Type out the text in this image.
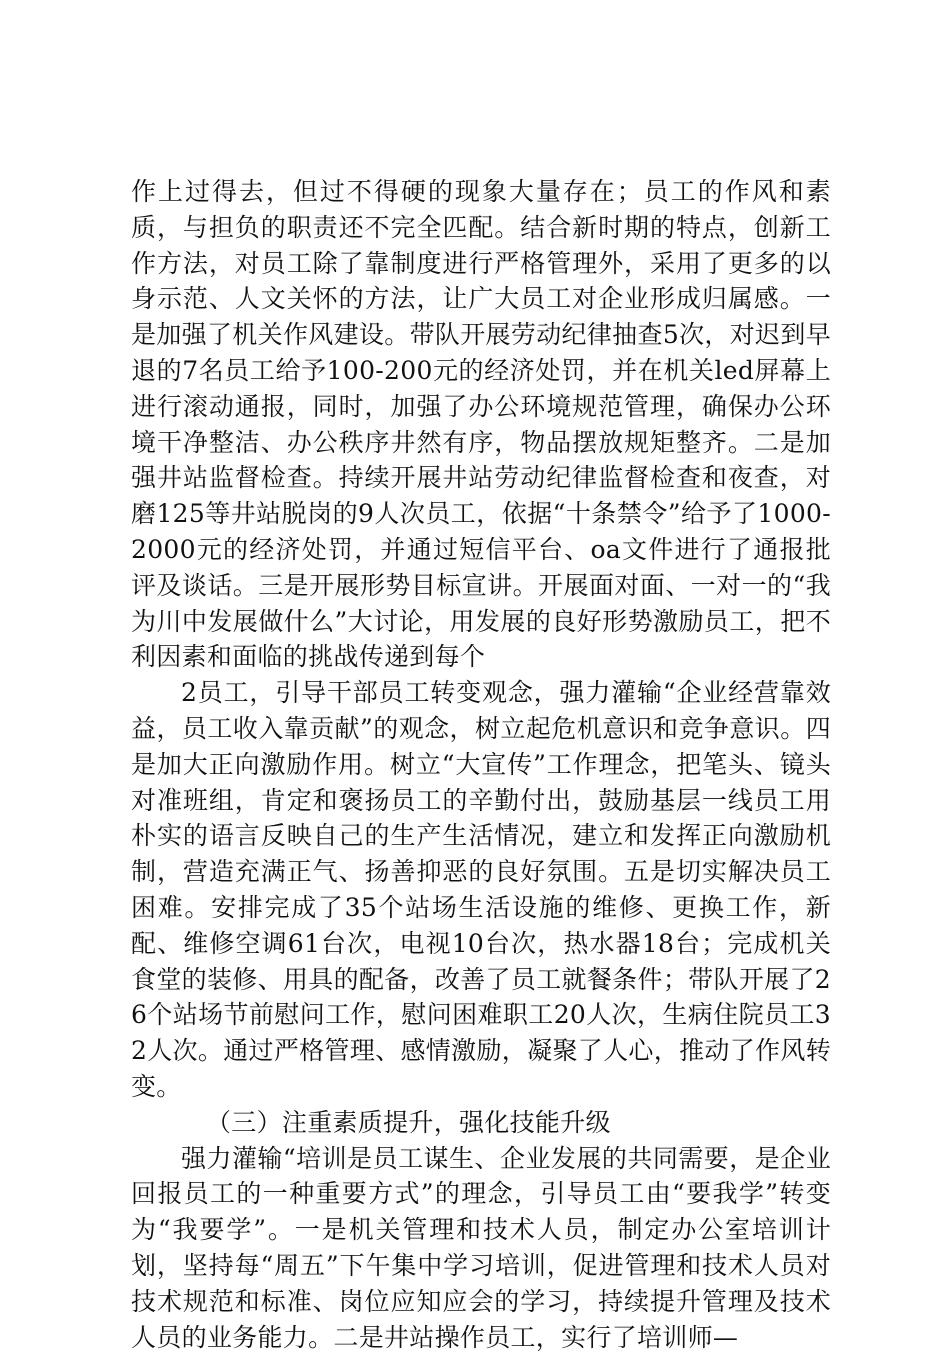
作上过得去，但过不得硬的现象大量存在；员工的作风和素质，与担负的职责还不完全匹配。结合新时期的特点，创新工作方法，对员工除了靠制度进行严格管理外，采用了更多的以身示范、人文关怀的方法，让广大员工对企业形成归属感。一是加强了机关作风建设。带队开展劳动纪律抽查5次，对迟到早退的7名员工给予100-200元的经济处罚，并在机关led屏幕上进行滚动通报，同时，加强了办公环境规范管理，确保办公环境干净整洁、办公秩序井然有序，物品摆放规矩整齐。二是加强井站监督检查。持续开展井站劳动纪律监督检查和夜查，对磨125等井站脱岗的9人次员工，依据“十条禁令”给予了1000-2000元的经济处罚，并通过短信平台、oa文件进行了通报批评及谈话。三是开展形势目标宣讲。开展面对面、一对一的“我为川中发展做什么”大讨论，用发展的良好形势激励员工，把不利因素和面临的挑战传递到每个

2员工，引导干部员工转变观念，强力灌输“企业经营靠效益，员工收入靠贡献”的观念，树立起危机意识和竞争意识。四是加大正向激励作用。树立“大宣传”工作理念，把笔头、镜头对准班组，肯定和褒扬员工的辛勤付出，鼓励基层一线员工用朴实的语言反映自己的生产生活情况，建立和发挥正向激励机制，营造充满正气、扬善抑恶的良好氛围。五是切实解决员工困难。安排完成了35个站场生活设施的维修、更换工作，新配、维修空调61台次，电视10台次，热水器18台；完成机关食堂的装修、用具的配备，改善了员工就餐条件；带队开展了26个站场节前慰问工作，慰问困难职工20人次，生病住院员工32人次。通过严格管理、感情激励，凝聚了人心，推动了作风转变。

（三）注重素质提升，强化技能升级

强力灌输“培训是员工谋生、企业发展的共同需要，是企业回报员工的一种重要方式”的理念，引导员工由“要我学”转变为“我要学”。一是机关管理和技术人员，制定办公室培训计划，坚持每“周五”下午集中学习培训，促进管理和技术人员对技术规范和标准、岗位应知应会的学习，持续提升管理及技术人员的业务能力。二是井站操作员工，实行了培训师—
